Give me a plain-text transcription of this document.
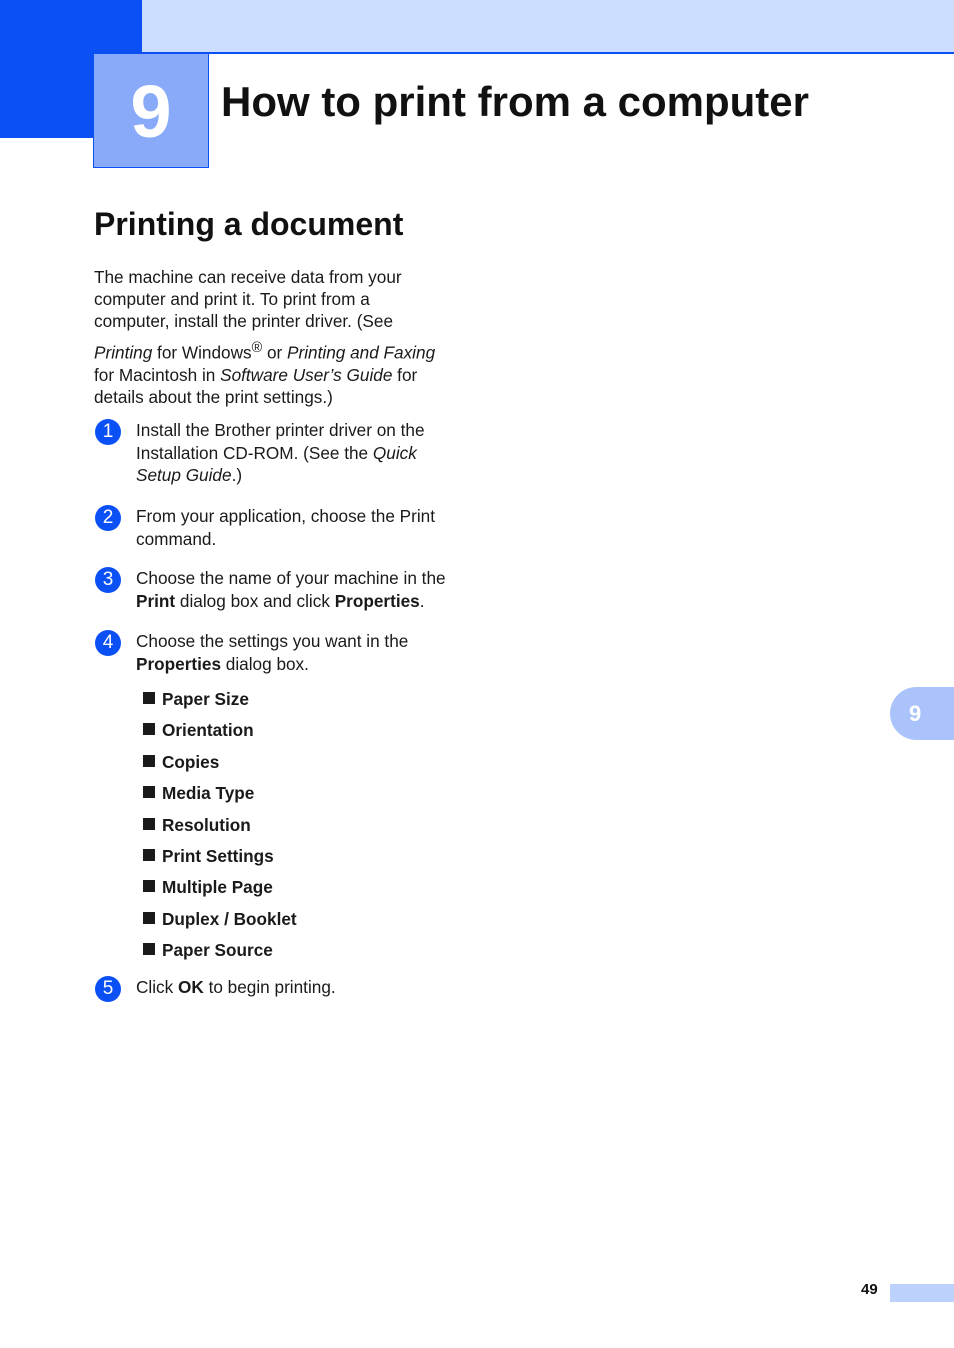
9	How to print from a computer
Printing a document

The machine can receive data from your
computer and print it. To print from a
computer, install the printer driver. (See
Printing for Windows® or Printing and Faxing
for Macintosh in Software User’s Guide for
details about the print settings.)

1	Install the Brother printer driver on the
Installation CD-ROM. (See the Quick
Setup Guide.)
2	From your application, choose the Print
command.
3	Choose the name of your machine in the
Print dialog box and click Properties.
4	Choose the settings you want in the
Properties dialog box.
Paper Size
Orientation
Copies
Media Type
Resolution
Print Settings
Multiple Page
Duplex / Booklet
Paper Source
5	Click OK to begin printing.
9
49
